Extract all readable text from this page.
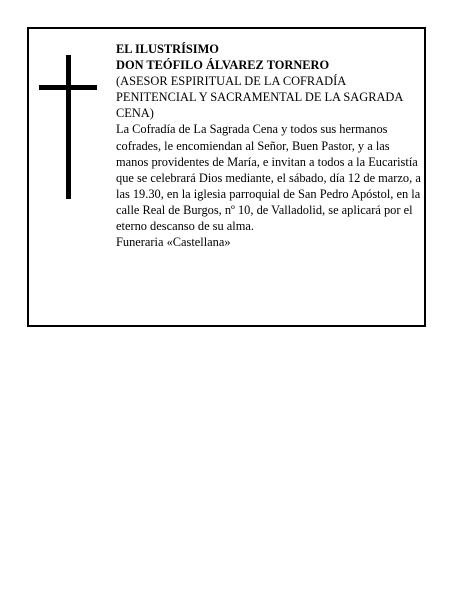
EL ILUSTRÍSIMO

DON TEÓFILO ÁLVAREZ TORNERO

(ASESOR ESPIRITUAL DE LA COFRADÍA PENITENCIAL Y SACRAMENTAL DE LA SAGRADA CENA)

La Cofradía de La Sagrada Cena y todos sus hermanos cofrades, le encomiendan al Señor, Buen Pastor, y a las manos providentes de María, e invitan a todos a la Eucaristía que se celebrará Dios mediante, el sábado, día 12 de marzo, a las 19.30, en la iglesia parroquial de San Pedro Apóstol, en la calle Real de Burgos, nº 10, de Valladolid, se aplicará por el eterno descanso de su alma.

Funeraria «Castellana»
